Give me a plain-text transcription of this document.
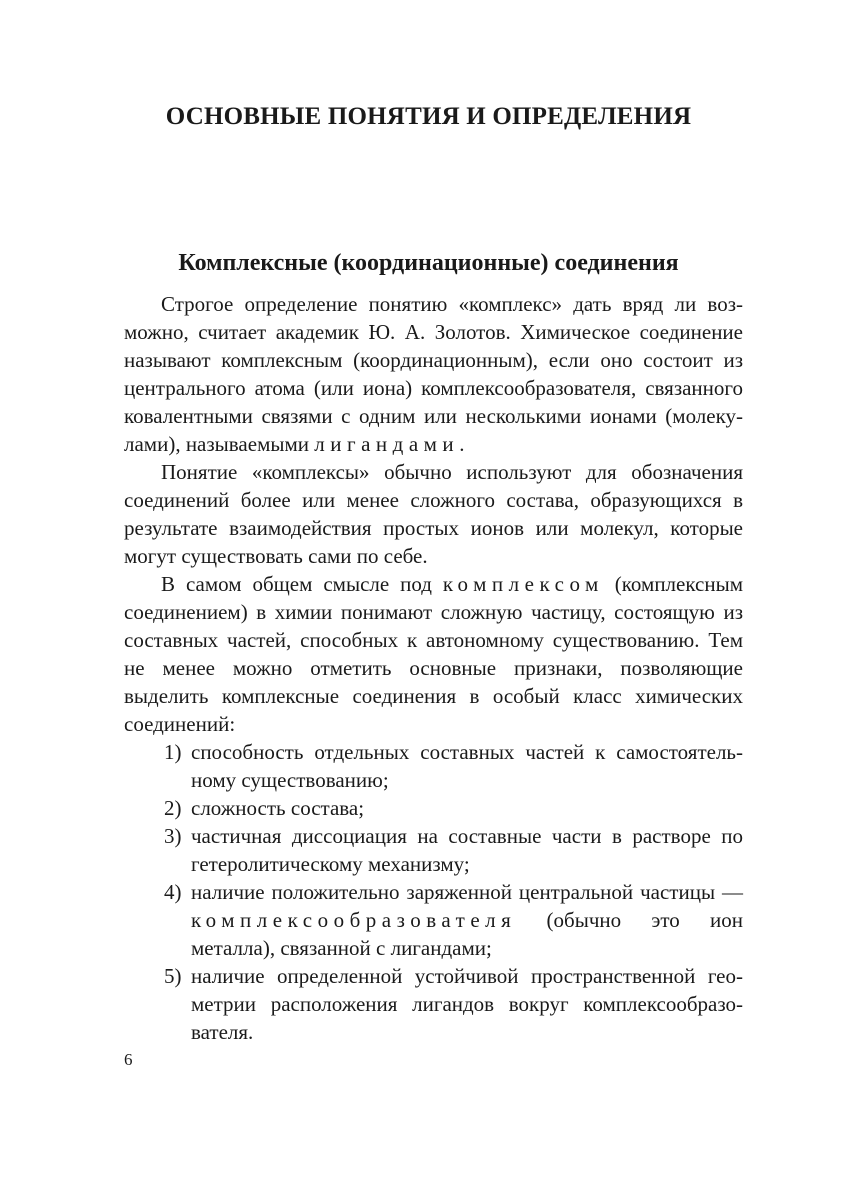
ОСНОВНЫЕ ПОНЯТИЯ И ОПРЕДЕЛЕНИЯ
Комплексные (координационные) соединения

Строгое определение понятию «комплекс» дать вряд ли возможно, считает академик Ю. А. Золотов. Химическое соединение называют комплексным (координационным), если оно состоит из центрального атома (или иона) комплексообразователя, связанного ковалентными связями с одним или несколькими ионами (молекулами), называемыми лигандами.

Понятие «комплексы» обычно используют для обозначения соединений более или менее сложного состава, образующихся в результате взаимодействия простых ионов или молекул, которые могут существовать сами по себе.

В самом общем смысле под комплексом (комплексным соединением) в химии понимают сложную частицу, состоящую из составных частей, способных к автономному существованию. Тем не менее можно отметить основные признаки, позволяющие выделить комплексные соединения в особый класс химических соединений:

1) способность отдельных составных частей к самостоятельному существованию;
2) сложность состава;
3) частичная диссоциация на составные части в растворе по гетеролитическому механизму;
4) наличие положительно заряженной центральной частицы — комплексообразователя (обычно это ион металла), связанной с лигандами;
5) наличие определенной устойчивой пространственной геометрии расположения лигандов вокруг комплексообразователя.
6
